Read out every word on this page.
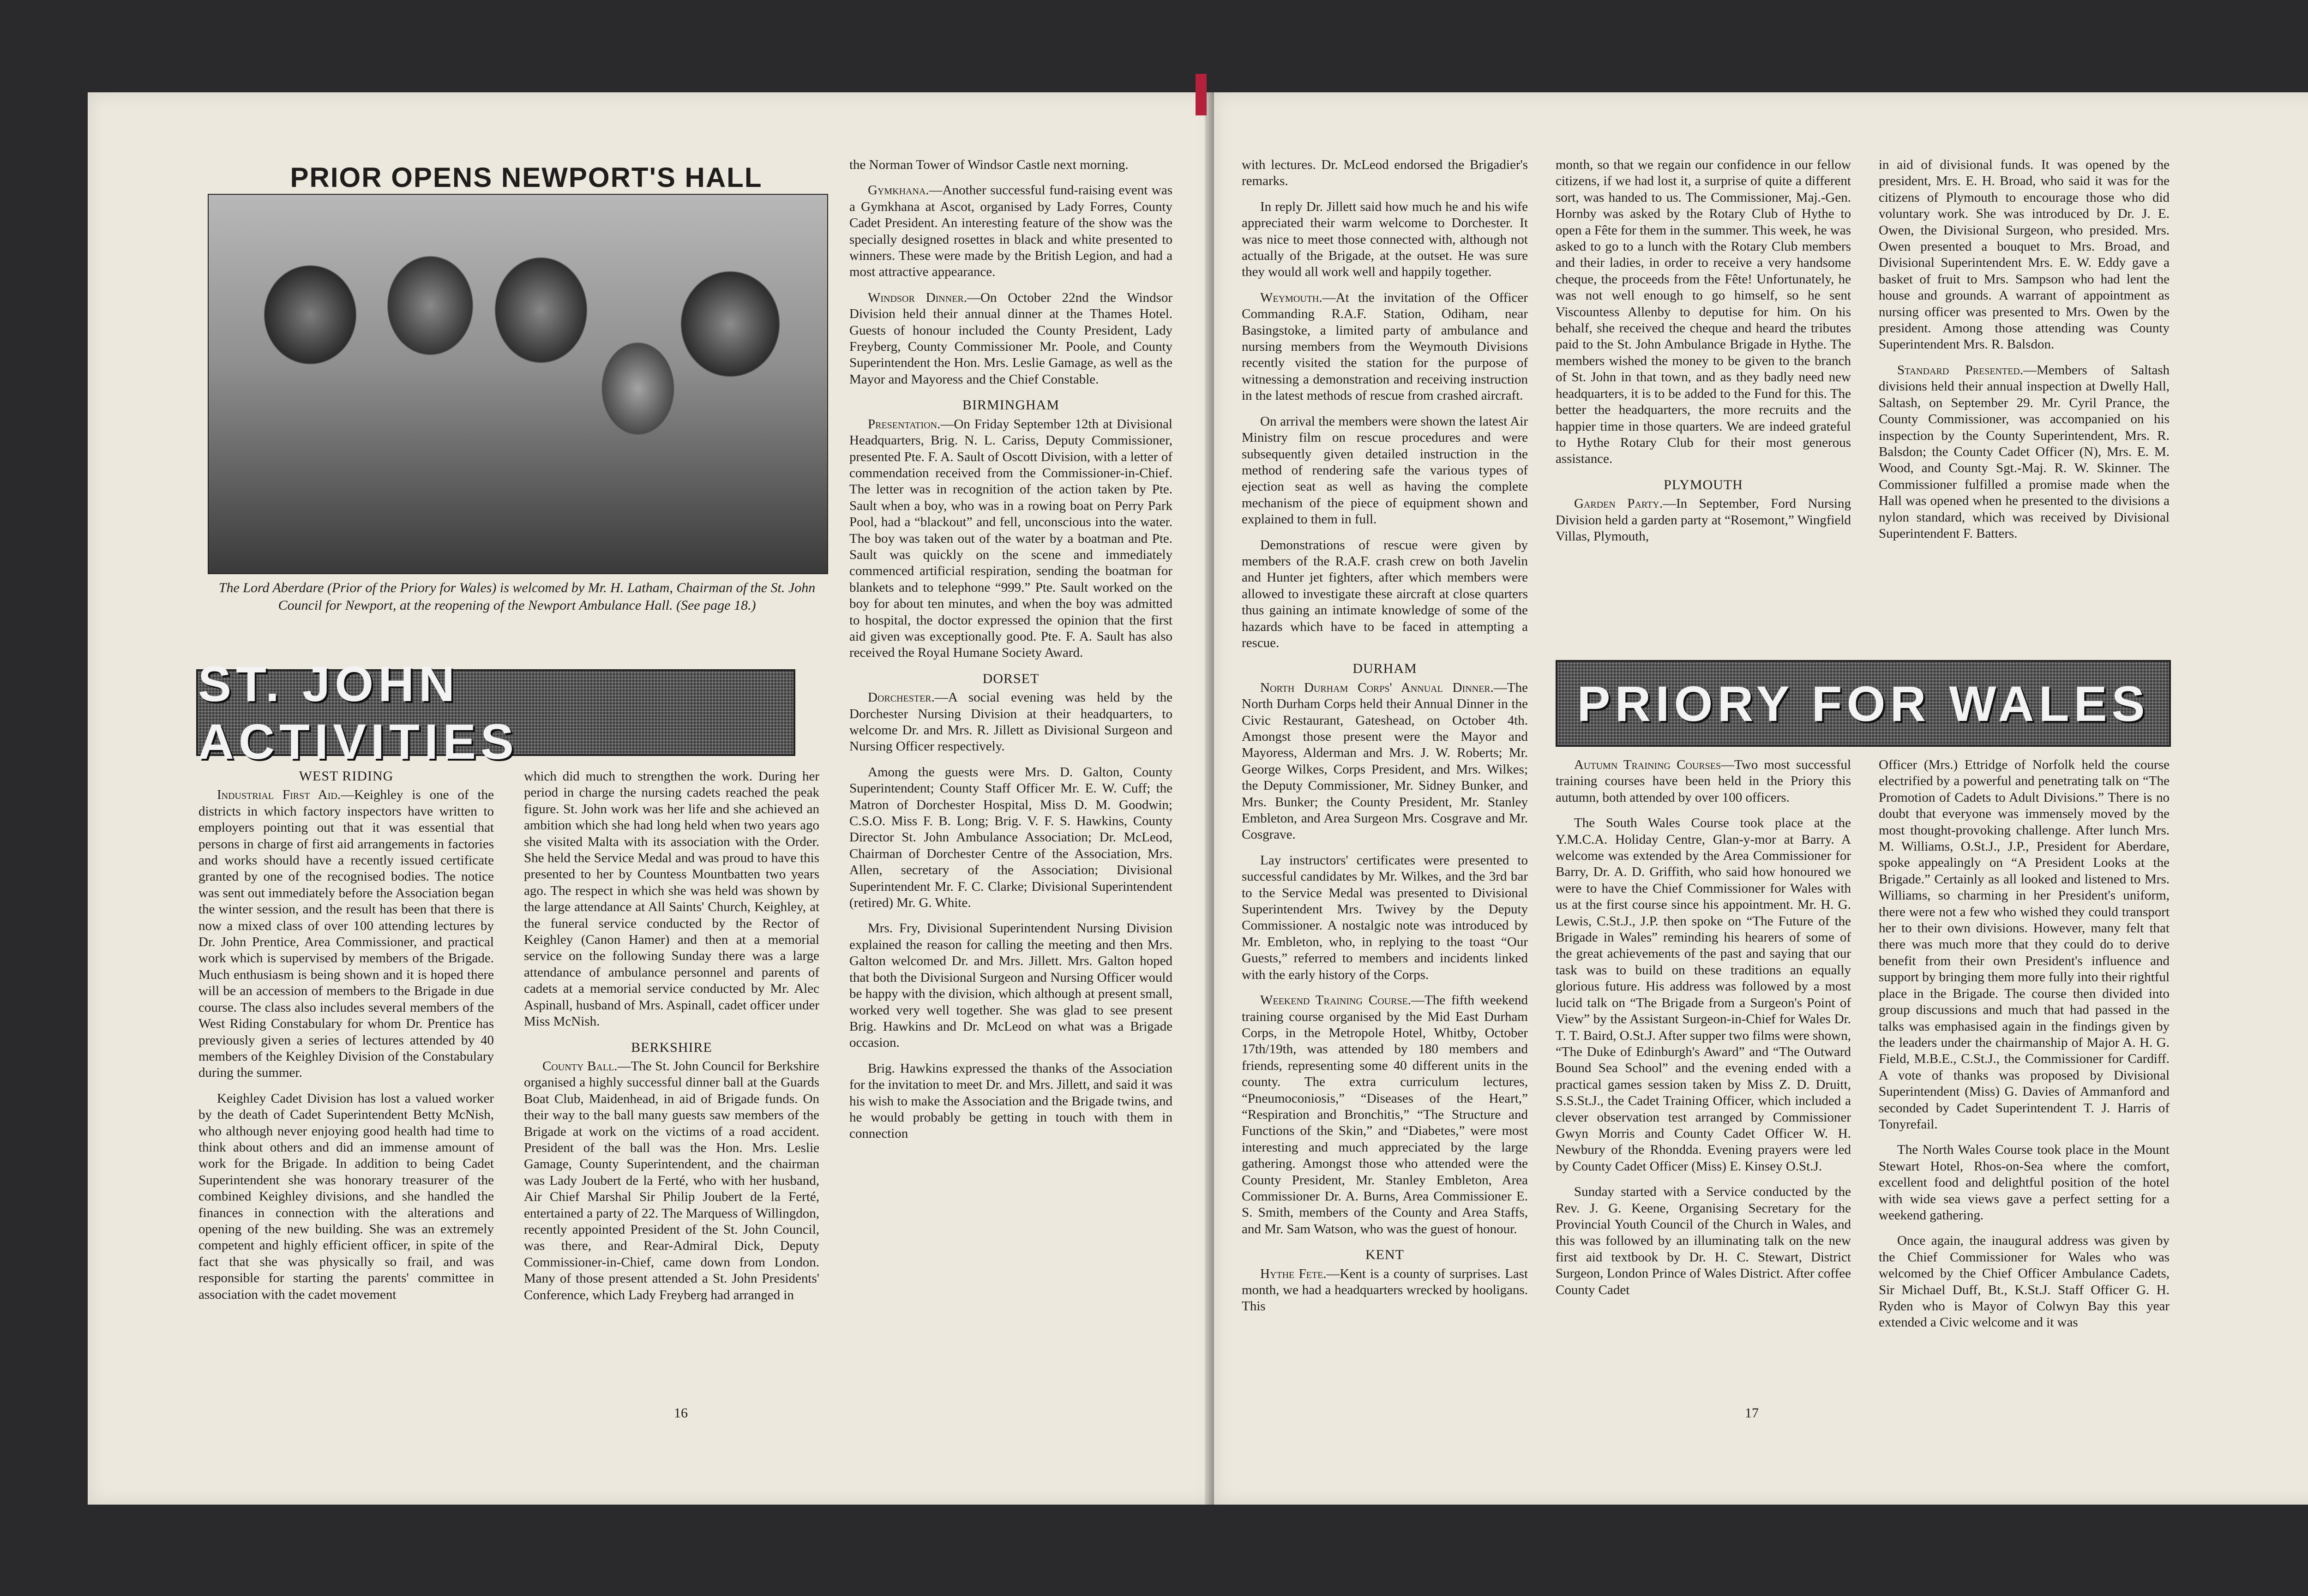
PRIOR OPENS NEWPORT'S HALL
The Lord Aberdare (Prior of the Priory for Wales) is welcomed by Mr. H. Latham, Chairman of the St. John Council for Newport, at the reopening of the Newport Ambulance Hall. (See page 18.)

the Norman Tower of Windsor Castle next morning.

Gymkhana.—Another successful fund-raising event was a Gymkhana at Ascot, organised by Lady Forres, County Cadet President. An interesting feature of the show was the specially designed rosettes in black and white presented to winners. These were made by the British Legion, and had a most attractive appearance.

Windsor Dinner.—On October 22nd the Windsor Division held their annual dinner at the Thames Hotel. Guests of honour included the County President, Lady Freyberg, County Commissioner Mr. Poole, and County Superintendent the Hon. Mrs. Leslie Gamage, as well as the Mayor and Mayoress and the Chief Constable.

BIRMINGHAM

Presentation.—On Friday September 12th at Divisional Headquarters, Brig. N. L. Cariss, Deputy Commissioner, presented Pte. F. A. Sault of Oscott Division, with a letter of commendation received from the Commissioner-in-Chief. The letter was in recognition of the action taken by Pte. Sault when a boy, who was in a rowing boat on Perry Park Pool, had a “blackout” and fell, unconscious into the water. The boy was taken out of the water by a boatman and Pte. Sault was quickly on the scene and immediately commenced artificial respiration, sending the boatman for blankets and to telephone “999.” Pte. Sault worked on the boy for about ten minutes, and when the boy was admitted to hospital, the doctor expressed the opinion that the first aid given was exceptionally good. Pte. F. A. Sault has also received the Royal Humane Society Award.

DORSET

Dorchester.—A social evening was held by the Dorchester Nursing Division at their headquarters, to welcome Dr. and Mrs. R. Jillett as Divisional Surgeon and Nursing Officer respectively.

Among the guests were Mrs. D. Galton, County Superintendent; County Staff Officer Mr. E. W. Cuff; the Matron of Dorchester Hospital, Miss D. M. Goodwin; C.S.O. Miss F. B. Long; Brig. V. F. S. Hawkins, County Director St. John Ambulance Association; Dr. McLeod, Chairman of Dorchester Centre of the Association, Mrs. Allen, secretary of the Association; Divisional Superintendent Mr. F. C. Clarke; Divisional Superintendent (retired) Mr. G. White.

Mrs. Fry, Divisional Superintendent Nursing Division explained the reason for calling the meeting and then Mrs. Galton welcomed Dr. and Mrs. Jillett. Mrs. Galton hoped that both the Divisional Surgeon and Nursing Officer would be happy with the division, which although at present small, worked very well together. She was glad to see present Brig. Hawkins and Dr. McLeod on what was a Brigade occasion.

Brig. Hawkins expressed the thanks of the Association for the invitation to meet Dr. and Mrs. Jillett, and said it was his wish to make the Association and the Brigade twins, and he would probably be getting in touch with them in connection

ST. JOHN ACTIVITIES
WEST RIDING

Industrial First Aid.—Keighley is one of the districts in which factory inspectors have written to employers pointing out that it was essential that persons in charge of first aid arrangements in factories and works should have a recently issued certificate granted by one of the recognised bodies. The notice was sent out immediately before the Association began the winter session, and the result has been that there is now a mixed class of over 100 attending lectures by Dr. John Prentice, Area Commissioner, and practical work which is supervised by members of the Brigade. Much enthusiasm is being shown and it is hoped there will be an accession of members to the Brigade in due course. The class also includes several members of the West Riding Constabulary for whom Dr. Prentice has previously given a series of lectures attended by 40 members of the Keighley Division of the Constabulary during the summer.

Keighley Cadet Division has lost a valued worker by the death of Cadet Superintendent Betty McNish, who although never enjoying good health had time to think about others and did an immense amount of work for the Brigade. In addition to being Cadet Superintendent she was honorary treasurer of the combined Keighley divisions, and she handled the finances in connection with the alterations and opening of the new building. She was an extremely competent and highly efficient officer, in spite of the fact that she was physically so frail, and was responsible for starting the parents' committee in association with the cadet movement

which did much to strengthen the work. During her period in charge the nursing cadets reached the peak figure. St. John work was her life and she achieved an ambition which she had long held when two years ago she visited Malta with its association with the Order. She held the Service Medal and was proud to have this presented to her by Countess Mountbatten two years ago. The respect in which she was held was shown by the large attendance at All Saints' Church, Keighley, at the funeral service conducted by the Rector of Keighley (Canon Hamer) and then at a memorial service on the following Sunday there was a large attendance of ambulance personnel and parents of cadets at a memorial service conducted by Mr. Alec Aspinall, husband of Mrs. Aspinall, cadet officer under Miss McNish.

BERKSHIRE

County Ball.—The St. John Council for Berkshire organised a highly successful dinner ball at the Guards Boat Club, Maidenhead, in aid of Brigade funds. On their way to the ball many guests saw members of the Brigade at work on the victims of a road accident. President of the ball was the Hon. Mrs. Leslie Gamage, County Superintendent, and the chairman was Lady Joubert de la Ferté, who with her husband, Air Chief Marshal Sir Philip Joubert de la Ferté, entertained a party of 22. The Marquess of Willingdon, recently appointed President of the St. John Council, was there, and Rear-Admiral Dick, Deputy Commissioner-in-Chief, came down from London. Many of those present attended a St. John Presidents' Conference, which Lady Freyberg had arranged in

16

with lectures. Dr. McLeod endorsed the Brigadier's remarks.

In reply Dr. Jillett said how much he and his wife appreciated their warm welcome to Dorchester. It was nice to meet those connected with, although not actually of the Brigade, at the outset. He was sure they would all work well and happily together.

Weymouth.—At the invitation of the Officer Commanding R.A.F. Station, Odiham, near Basingstoke, a limited party of ambulance and nursing members from the Weymouth Divisions recently visited the station for the purpose of witnessing a demonstration and receiving instruction in the latest methods of rescue from crashed aircraft.

On arrival the members were shown the latest Air Ministry film on rescue procedures and were subsequently given detailed instruction in the method of rendering safe the various types of ejection seat as well as having the complete mechanism of the piece of equipment shown and explained to them in full.

Demonstrations of rescue were given by members of the R.A.F. crash crew on both Javelin and Hunter jet fighters, after which members were allowed to investigate these aircraft at close quarters thus gaining an intimate knowledge of some of the hazards which have to be faced in attempting a rescue.

DURHAM

North Durham Corps' Annual Dinner.—The North Durham Corps held their Annual Dinner in the Civic Restaurant, Gateshead, on October 4th. Amongst those present were the Mayor and Mayoress, Alderman and Mrs. J. W. Roberts; Mr. George Wilkes, Corps President, and Mrs. Wilkes; the Deputy Commissioner, Mr. Sidney Bunker, and Mrs. Bunker; the County President, Mr. Stanley Embleton, and Area Surgeon Mrs. Cosgrave and Mr. Cosgrave.

Lay instructors' certificates were presented to successful candidates by Mr. Wilkes, and the 3rd bar to the Service Medal was presented to Divisional Superintendent Mrs. Twivey by the Deputy Commissioner. A nostalgic note was introduced by Mr. Embleton, who, in replying to the toast “Our Guests,” referred to members and incidents linked with the early history of the Corps.

Weekend Training Course.—The fifth weekend training course organised by the Mid East Durham Corps, in the Metropole Hotel, Whitby, October 17th/19th, was attended by 180 members and friends, representing some 40 different units in the county. The extra curriculum lectures, “Pneumoconiosis,” “Diseases of the Heart,” “Respiration and Bronchitis,” “The Structure and Functions of the Skin,” and “Diabetes,” were most interesting and much appreciated by the large gathering. Amongst those who attended were the County President, Mr. Stanley Embleton, Area Commissioner Dr. A. Burns, Area Commissioner E. S. Smith, members of the County and Area Staffs, and Mr. Sam Watson, who was the guest of honour.

KENT

Hythe Fete.—Kent is a county of surprises. Last month, we had a headquarters wrecked by hooligans. This

month, so that we regain our confidence in our fellow citizens, if we had lost it, a surprise of quite a different sort, was handed to us. The Commissioner, Maj.-Gen. Hornby was asked by the Rotary Club of Hythe to open a Fête for them in the summer. This week, he was asked to go to a lunch with the Rotary Club members and their ladies, in order to receive a very handsome cheque, the proceeds from the Fête! Unfortunately, he was not well enough to go himself, so he sent Viscountess Allenby to deputise for him. On his behalf, she received the cheque and heard the tributes paid to the St. John Ambulance Brigade in Hythe. The members wished the money to be given to the branch of St. John in that town, and as they badly need new headquarters, it is to be added to the Fund for this. The better the headquarters, the more recruits and the happier time in those quarters. We are indeed grateful to Hythe Rotary Club for their most generous assistance.

PLYMOUTH

Garden Party.—In September, Ford Nursing Division held a garden party at “Rosemont,” Wingfield Villas, Plymouth,

in aid of divisional funds. It was opened by the president, Mrs. E. H. Broad, who said it was for the citizens of Plymouth to encourage those who did voluntary work. She was introduced by Dr. J. E. Owen, the Divisional Surgeon, who presided. Mrs. Owen presented a bouquet to Mrs. Broad, and Divisional Superintendent Mrs. E. W. Eddy gave a basket of fruit to Mrs. Sampson who had lent the house and grounds. A warrant of appointment as nursing officer was presented to Mrs. Owen by the president. Among those attending was County Superintendent Mrs. R. Balsdon.

Standard Presented.—Members of Saltash divisions held their annual inspection at Dwelly Hall, Saltash, on September 29. Mr. Cyril Prance, the County Commissioner, was accompanied on his inspection by the County Superintendent, Mrs. R. Balsdon; the County Cadet Officer (N), Mrs. E. M. Wood, and County Sgt.-Maj. R. W. Skinner. The Commissioner fulfilled a promise made when the Hall was opened when he presented to the divisions a nylon standard, which was received by Divisional Superintendent F. Batters.

PRIORY FOR WALES

Autumn Training Courses—Two most successful training courses have been held in the Priory this autumn, both attended by over 100 officers.

The South Wales Course took place at the Y.M.C.A. Holiday Centre, Glan-y-mor at Barry. A welcome was extended by the Area Commissioner for Barry, Dr. A. D. Griffith, who said how honoured we were to have the Chief Commissioner for Wales with us at the first course since his appointment. Mr. H. G. Lewis, C.St.J., J.P. then spoke on “The Future of the Brigade in Wales” reminding his hearers of some of the great achievements of the past and saying that our task was to build on these traditions an equally glorious future. His address was followed by a most lucid talk on “The Brigade from a Surgeon's Point of View” by the Assistant Surgeon-in-Chief for Wales Dr. T. T. Baird, O.St.J. After supper two films were shown, “The Duke of Edinburgh's Award” and “The Outward Bound Sea School” and the evening ended with a practical games session taken by Miss Z. D. Druitt, S.S.St.J., the Cadet Training Officer, which included a clever observation test arranged by Commissioner Gwyn Morris and County Cadet Officer W. H. Newbury of the Rhondda. Evening prayers were led by County Cadet Officer (Miss) E. Kinsey O.St.J.

Sunday started with a Service conducted by the Rev. J. G. Keene, Organising Secretary for the Provincial Youth Council of the Church in Wales, and this was followed by an illuminating talk on the new first aid textbook by Dr. H. C. Stewart, District Surgeon, London Prince of Wales District. After coffee County Cadet

Officer (Mrs.) Ettridge of Norfolk held the course electrified by a powerful and penetrating talk on “The Promotion of Cadets to Adult Divisions.” There is no doubt that everyone was immensely moved by the most thought-provoking challenge. After lunch Mrs. M. Williams, O.St.J., J.P., President for Aberdare, spoke appealingly on “A President Looks at the Brigade.” Certainly as all looked and listened to Mrs. Williams, so charming in her President's uniform, there were not a few who wished they could transport her to their own divisions. However, many felt that there was much more that they could do to derive benefit from their own President's influence and support by bringing them more fully into their rightful place in the Brigade. The course then divided into group discussions and much that had passed in the talks was emphasised again in the findings given by the leaders under the chairmanship of Major A. H. G. Field, M.B.E., C.St.J., the Commissioner for Cardiff. A vote of thanks was proposed by Divisional Superintendent (Miss) G. Davies of Ammanford and seconded by Cadet Superintendent T. J. Harris of Tonyrefail.

The North Wales Course took place in the Mount Stewart Hotel, Rhos-on-Sea where the comfort, excellent food and delightful position of the hotel with wide sea views gave a perfect setting for a weekend gathering.

Once again, the inaugural address was given by the Chief Commissioner for Wales who was welcomed by the Chief Officer Ambulance Cadets, Sir Michael Duff, Bt., K.St.J. Staff Officer G. H. Ryden who is Mayor of Colwyn Bay this year extended a Civic welcome and it was

17
